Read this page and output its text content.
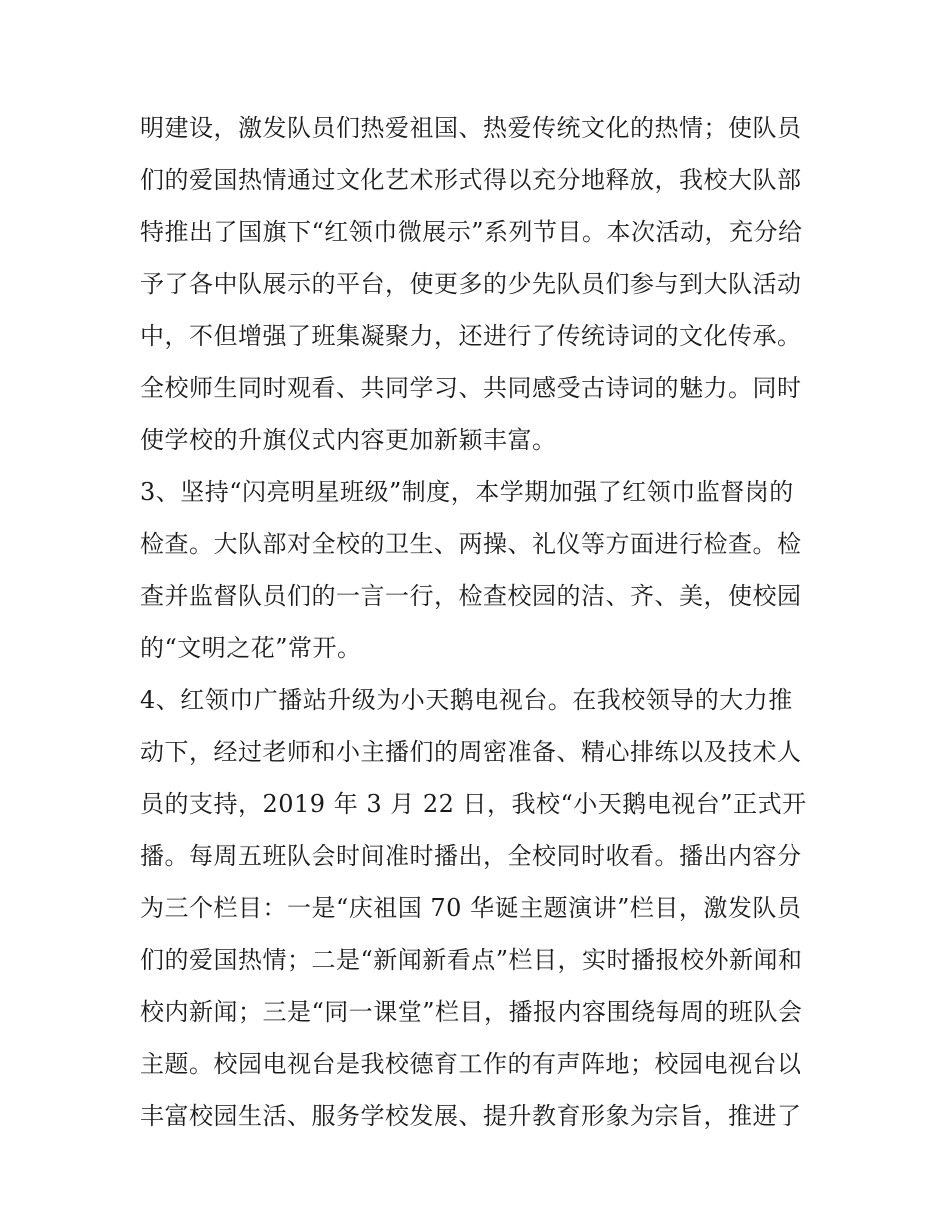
明建设，激发队员们热爱祖国、热爱传统文化的热情；使队员
们的爱国热情通过文化艺术形式得以充分地释放，我校大队部
特推出了国旗下“红领巾微展示”系列节目。本次活动，充分给
予了各中队展示的平台，使更多的少先队员们参与到大队活动
中，不但增强了班集凝聚力，还进行了传统诗词的文化传承。
全校师生同时观看、共同学习、共同感受古诗词的魅力。同时
使学校的升旗仪式内容更加新颖丰富。
3、坚持“闪亮明星班级”制度，本学期加强了红领巾监督岗的
检查。大队部对全校的卫生、两操、礼仪等方面进行检查。检
查并监督队员们的一言一行，检查校园的洁、齐、美，使校园
的“文明之花”常开。
4、红领巾广播站升级为小天鹅电视台。在我校领导的大力推
动下，经过老师和小主播们的周密准备、精心排练以及技术人
员的支持，2019 年 3 月 22 日，我校“小天鹅电视台”正式开
播。每周五班队会时间准时播出，全校同时收看。播出内容分
为三个栏目：一是“庆祖国 70 华诞主题演讲”栏目，激发队员
们的爱国热情；二是“新闻新看点”栏目，实时播报校外新闻和
校内新闻；三是“同一课堂”栏目，播报内容围绕每周的班队会
主题。校园电视台是我校德育工作的有声阵地；校园电视台以
丰富校园生活、服务学校发展、提升教育形象为宗旨，推进了
